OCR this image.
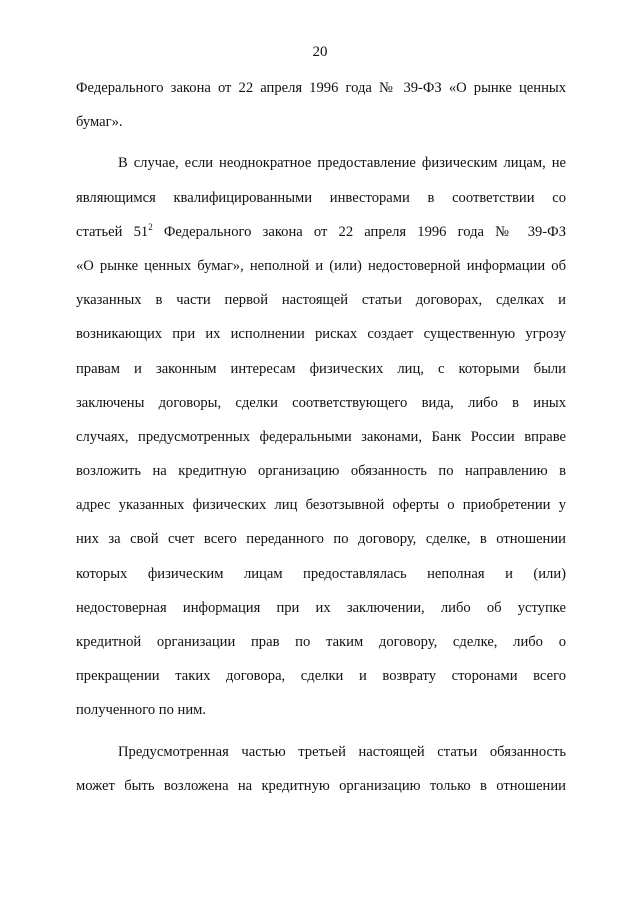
20
Федерального закона от 22 апреля 1996 года № 39-ФЗ «О рынке ценных
бумаг».
В случае, если неоднократное предоставление физическим лицам, не
являющимся квалифицированными инвесторами в соответствии со
статьей $51^2$ Федерального закона от 22 апреля 1996 года № 39-ФЗ
«О рынке ценных бумаг», неполной и (или) недостоверной информации об
указанных в части первой настоящей статьи договорах, сделках и
возникающих при их исполнении рисках создает существенную угрозу
правам и законным интересам физических лиц, с которыми были
заключены договоры, сделки соответствующего вида, либо в иных
случаях, предусмотренных федеральными законами, Банк России вправе
возложить на кредитную организацию обязанность по направлению в
адрес указанных физических лиц безотзывной оферты о приобретении у
них за свой счет всего переданного по договору, сделке, в отношении
которых физическим лицам предоставлялась неполная и (или)
недостоверная информация при их заключении, либо об уступке
кредитной организации прав по таким договору, сделке, либо о
прекращении таких договора, сделки и возврату сторонами всего
полученного по ним.
Предусмотренная частью третьей настоящей статьи обязанность
может быть возложена на кредитную организацию только в отношении
